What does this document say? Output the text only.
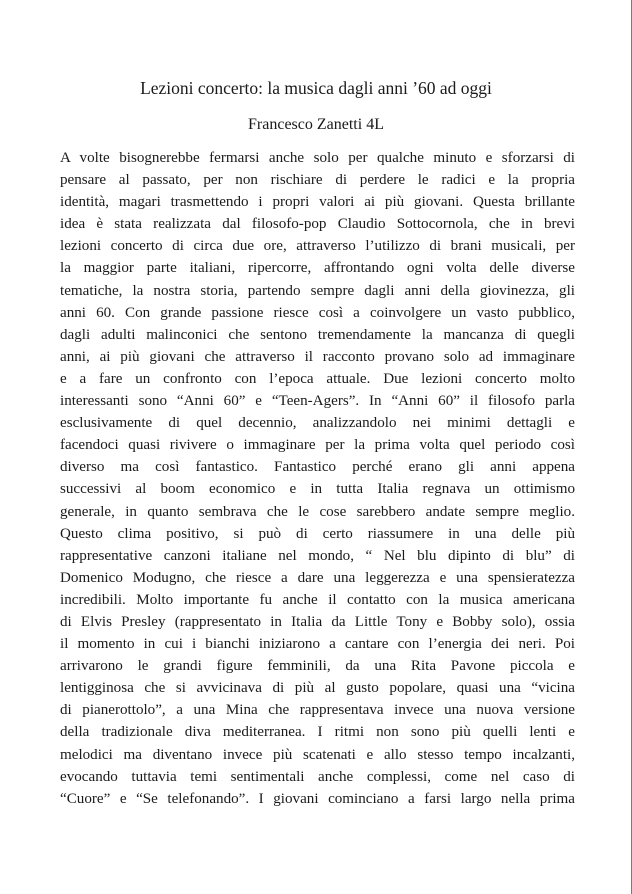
Lezioni concerto: la musica dagli anni ’60 ad oggi
Francesco Zanetti 4L
A volte bisognerebbe fermarsi anche solo per qualche minuto e sforzarsi di
pensare al passato, per non rischiare di perdere le radici e la propria
identità, magari trasmettendo i propri valori ai più giovani. Questa brillante
idea è stata realizzata dal filosofo-pop Claudio Sottocornola, che in brevi
lezioni concerto di circa due ore, attraverso l’utilizzo di brani musicali, per
la maggior parte italiani, ripercorre, affrontando ogni volta delle diverse
tematiche, la nostra storia, partendo sempre dagli anni della giovinezza, gli
anni 60. Con grande passione riesce così a coinvolgere un vasto pubblico,
dagli adulti malinconici che sentono tremendamente la mancanza di quegli
anni, ai più giovani che attraverso il racconto provano solo ad immaginare
e a fare un confronto con l’epoca attuale. Due lezioni concerto molto
interessanti sono “Anni 60” e “Teen-Agers”. In “Anni 60” il filosofo parla
esclusivamente di quel decennio, analizzandolo nei minimi dettagli e
facendoci quasi rivivere o immaginare per la prima volta quel periodo così
diverso ma così fantastico. Fantastico perché erano gli anni appena
successivi al boom economico e in tutta Italia regnava un ottimismo
generale, in quanto sembrava che le cose sarebbero andate sempre meglio.
Questo clima positivo, si può di certo riassumere in una delle più
rappresentative canzoni italiane nel mondo, “ Nel blu dipinto di blu” di
Domenico Modugno, che riesce a dare una leggerezza e una spensieratezza
incredibili. Molto importante fu anche il contatto con la musica americana
di Elvis Presley (rappresentato in Italia da Little Tony e Bobby solo), ossia
il momento in cui i bianchi iniziarono a cantare con l’energia dei neri. Poi
arrivarono le grandi figure femminili, da una Rita Pavone piccola e
lentigginosa che si avvicinava di più al gusto popolare, quasi una “vicina
di pianerottolo”, a una Mina che rappresentava invece una nuova versione
della tradizionale diva mediterranea. I ritmi non sono più quelli lenti e
melodici ma diventano invece più scatenati e allo stesso tempo incalzanti,
evocando tuttavia temi sentimentali anche complessi, come nel caso di
“Cuore” e “Se telefonando”. I giovani cominciano a farsi largo nella prima
